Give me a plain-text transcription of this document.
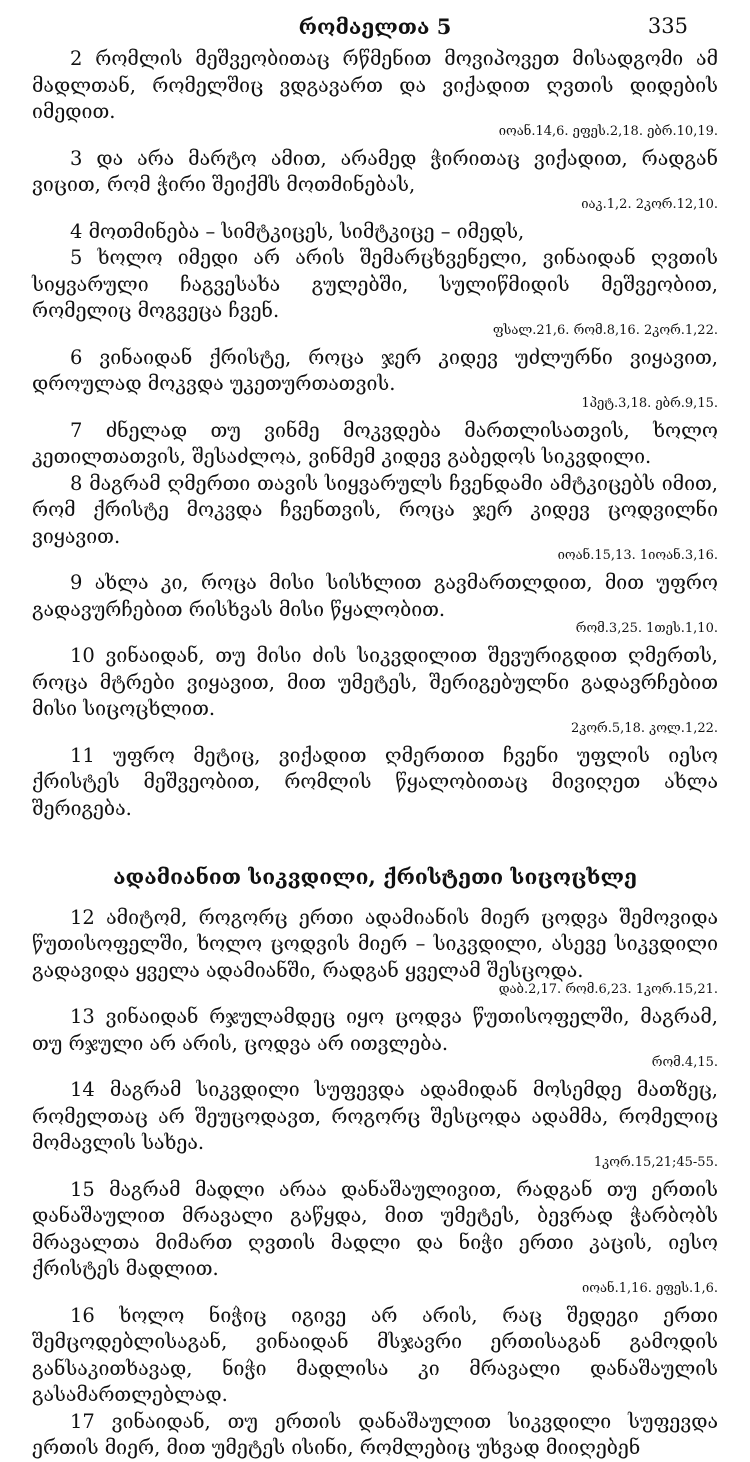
რომაელთა 5	335

2 რომლის მეშვეობითაც რწმენით მოვიპოვეთ მისადგომი ამ მადლთან, რომელშიც ვდგავართ და ვიქადით ღვთის დიდების იმედით.

იოან.14,6. ეფეს.2,18. ებრ.10,19.

3 და არა მარტო ამით, არამედ ჭირითაც ვიქადით, რადგან ვიცით, რომ ჭირი შეიქმს მოთმინებას,

იაკ.1,2. 2კორ.12,10.

4 მოთმინება – სიმტკიცეს, სიმტკიცე – იმედს,

5 ხოლო იმედი არ არის შემარცხვენელი, ვინაიდან ღვთის სიყვარული ჩაგვესახა გულებში, სულიწმიდის მეშვეობით, რომელიც მოგვეცა ჩვენ.

ფსალ.21,6. რომ.8,16. 2კორ.1,22.

6 ვინაიდან ქრისტე, როცა ჯერ კიდევ უძლურნი ვიყავით, დროულად მოკვდა უკეთურთათვის.

1პეტ.3,18. ებრ.9,15.

7 ძნელად თუ ვინმე მოკვდება მართლისათვის, ხოლო კეთილთათვის, შესაძლოა, ვინმემ კიდევ გაბედოს სიკვდილი.

8 მაგრამ ღმერთი თავის სიყვარულს ჩვენდამი ამტკიცებს იმით, რომ ქრისტე მოკვდა ჩვენთვის, როცა ჯერ კიდევ ცოდვილნი ვიყავით.

იოან.15,13. 1იოან.3,16.

9 ახლა კი, როცა მისი სისხლით გავმართლდით, მით უფრო გადავურჩებით რისხვას მისი წყალობით.

რომ.3,25. 1თეს.1,10.

10 ვინაიდან, თუ მისი ძის სიკვდილით შევურიგდით ღმერთს, როცა მტრები ვიყავით, მით უმეტეს, შერიგებულნი გადავრჩებით მისი სიცოცხლით.

2კორ.5,18. კოლ.1,22.

11 უფრო მეტიც, ვიქადით ღმერთით ჩვენი უფლის იესო ქრისტეს მეშვეობით, რომლის წყალობითაც მივიღეთ ახლა შერიგება.

ადამიანით სიკვდილი, ქრისტეთი სიცოცხლე

12 ამიტომ, როგორც ერთი ადამიანის მიერ ცოდვა შემოვიდა წუთისოფელში, ხოლო ცოდვის მიერ – სიკვდილი, ასევე სიკვდილი გადავიდა ყველა ადამიანში, რადგან ყველამ შესცოდა.

დაბ.2,17. რომ.6,23. 1კორ.15,21.

13 ვინაიდან რჯულამდეც იყო ცოდვა წუთისოფელში, მაგრამ, თუ რჯული არ არის, ცოდვა არ ითვლება.

რომ.4,15.

14 მაგრამ სიკვდილი სუფევდა ადამიდან მოსემდე მათზეც, რომელთაც არ შეუცოდავთ, როგორც შესცოდა ადამმა, რომელიც მომავლის სახეა.

1კორ.15,21;45-55.

15 მაგრამ მადლი არაა დანაშაულივით, რადგან თუ ერთის დანაშაულით მრავალი გაწყდა, მით უმეტეს, ბევრად ჭარბობს მრავალთა მიმართ ღვთის მადლი და ნიჭი ერთი კაცის, იესო ქრისტეს მადლით.

იოან.1,16. ეფეს.1,6.

16 ხოლო ნიჭიც იგივე არ არის, რაც შედეგი ერთი შემცოდებლისაგან, ვინაიდან მსჯავრი ერთისაგან გამოდის განსაკითხავად, ნიჭი მადლისა კი მრავალი დანაშაულის გასამართლებლად.

17 ვინაიდან, თუ ერთის დანაშაულით სიკვდილი სუფევდა ერთის მიერ, მით უმეტეს ისინი, რომლებიც უხვად მიიღებენ
